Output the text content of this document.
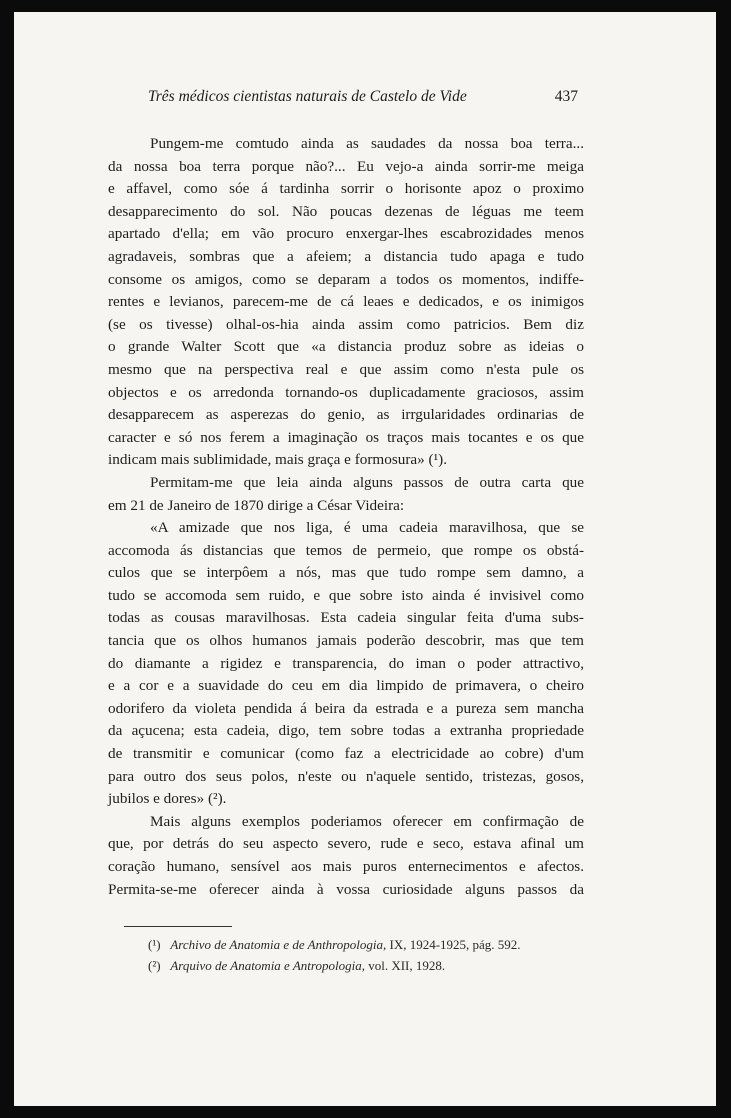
Três médicos cientistas naturais de Castelo de Vide	437
Pungem-me comtudo ainda as saudades da nossa boa terra...
da nossa boa terra porque não?... Eu vejo-a ainda sorrir-me meiga
e affavel, como sóe á tardinha sorrir o horisonte apoz o proximo
desapparecimento do sol. Não poucas dezenas de léguas me teem
apartado d'ella; em vão procuro enxergar-lhes escabrozidades menos
agradaveis, sombras que a afeiem; a distancia tudo apaga e tudo
consome os amigos, como se deparam a todos os momentos, indiffe-
rentes e levianos, parecem-me de cá leaes e dedicados, e os inimigos
(se os tivesse) olhal-os-hia ainda assim como patricios. Bem diz
o grande Walter Scott que «a distancia produz sobre as ideias o
mesmo que na perspectiva real e que assim como n'esta pule os
objectos e os arredonda tornando-os duplicadamente graciosos, assim
desapparecem as asperezas do genio, as irrgularidades ordinarias de
caracter e só nos ferem a imaginação os traços mais tocantes e os que
indicam mais sublimidade, mais graça e formosura» (¹).
Permitam-me que leia ainda alguns passos de outra carta que
em 21 de Janeiro de 1870 dirige a César Videira:
«A amizade que nos liga, é uma cadeia maravilhosa, que se
accomoda ás distancias que temos de permeio, que rompe os obstá-
culos que se interpôem a nós, mas que tudo rompe sem damno, a
tudo se accomoda sem ruido, e que sobre isto ainda é invisivel como
todas as cousas maravilhosas. Esta cadeia singular feita d'uma subs-
tancia que os olhos humanos jamais poderão descobrir, mas que tem
do diamante a rigidez e transparencia, do iman o poder attractivo,
e a cor e a suavidade do ceu em dia limpido de primavera, o cheiro
odorifero da violeta pendida á beira da estrada e a pureza sem mancha
da açucena; esta cadeia, digo, tem sobre todas a extranha propriedade
de transmitir e comunicar (como faz a electricidade ao cobre) d'um
para outro dos seus polos, n'este ou n'aquele sentido, tristezas, gosos,
jubilos e dores» (²).
Mais alguns exemplos poderiamos oferecer em confirmação de
que, por detrás do seu aspecto severo, rude e seco, estava afinal um
coração humano, sensível aos mais puros enternecimentos e afectos.
Permita-se-me oferecer ainda à vossa curiosidade alguns passos da
(¹) Archivo de Anatomia e de Anthropologia, IX, 1924-1925, pág. 592.
(²) Arquivo de Anatomia e Antropologia, vol. XII, 1928.
